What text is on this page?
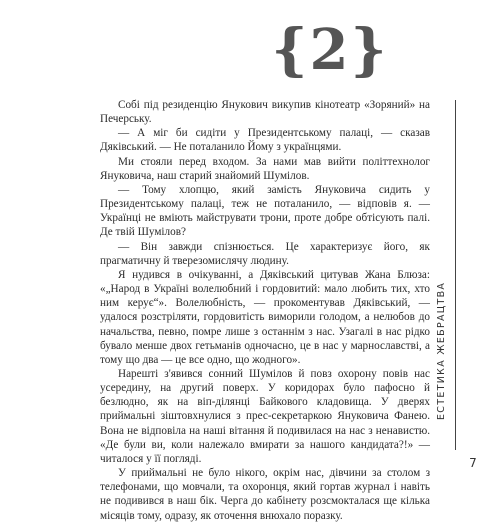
{2}

Собі під резиденцію Янукович викупив кінотеатр «Зоряний» на Печерську.

— А міг би сидіти у Президентському палаці, — сказав Дяківський. — Не поталанило Йому з українцями.

Ми стояли перед входом. За нами мав вийти політтехнолог Януковича, наш старий знайомий Шумілов.

— Тому хлопцю, який замість Януковича сидить у Президентському палаці, теж не поталанило, — відповів я. — Українці не вміють майструвати трони, проте добре обтісують палі. Де твій Шумілов?

— Він завжди спізнюється. Це характеризує його, як прагматичну й тверезомислячу людину.

Я нудився в очікуванні, а Дяківський цитував Жана Блюза: «„Народ в Україні волелюбний і гордовитий: мало любить тих, хто ним керує“». Волелюбність, — прокоментував Дяківський, — удалося розстріляти, гордовитість виморили голодом, а нелюбов до начальства, певно, помре лише з останнім з нас. Узагалі в нас рідко бувало менше двох гетьманів одночасно, це в нас у марнославстві, а тому що два — це все одно, що жодного».

Нарешті з'явився сонний Шумілов й повз охорону повів нас усередину, на другий поверх. У коридорах було пафосно й безлюдно, як на віп-ділянці Байкового кладовища. У дверях приймальні зіштовхнулися з прес-секретаркою Януковича Фанею. Вона не відповіла на наші вітання й подивилася на нас з ненавистю. «Де були ви, коли належало вмирати за нашого кандидата?!» — читалося у її погляді.

У приймальні не було нікого, окрім нас, дівчини за столом з телефонами, що мовчали, та охоронця, який гортав журнал і навіть не подивився в наш бік. Черга до кабінету розсмокталася ще кілька місяців тому, одразу, як оточення внюхало поразку.

ЕСТЕТИКА ЖЕБРАЦТВА
7
